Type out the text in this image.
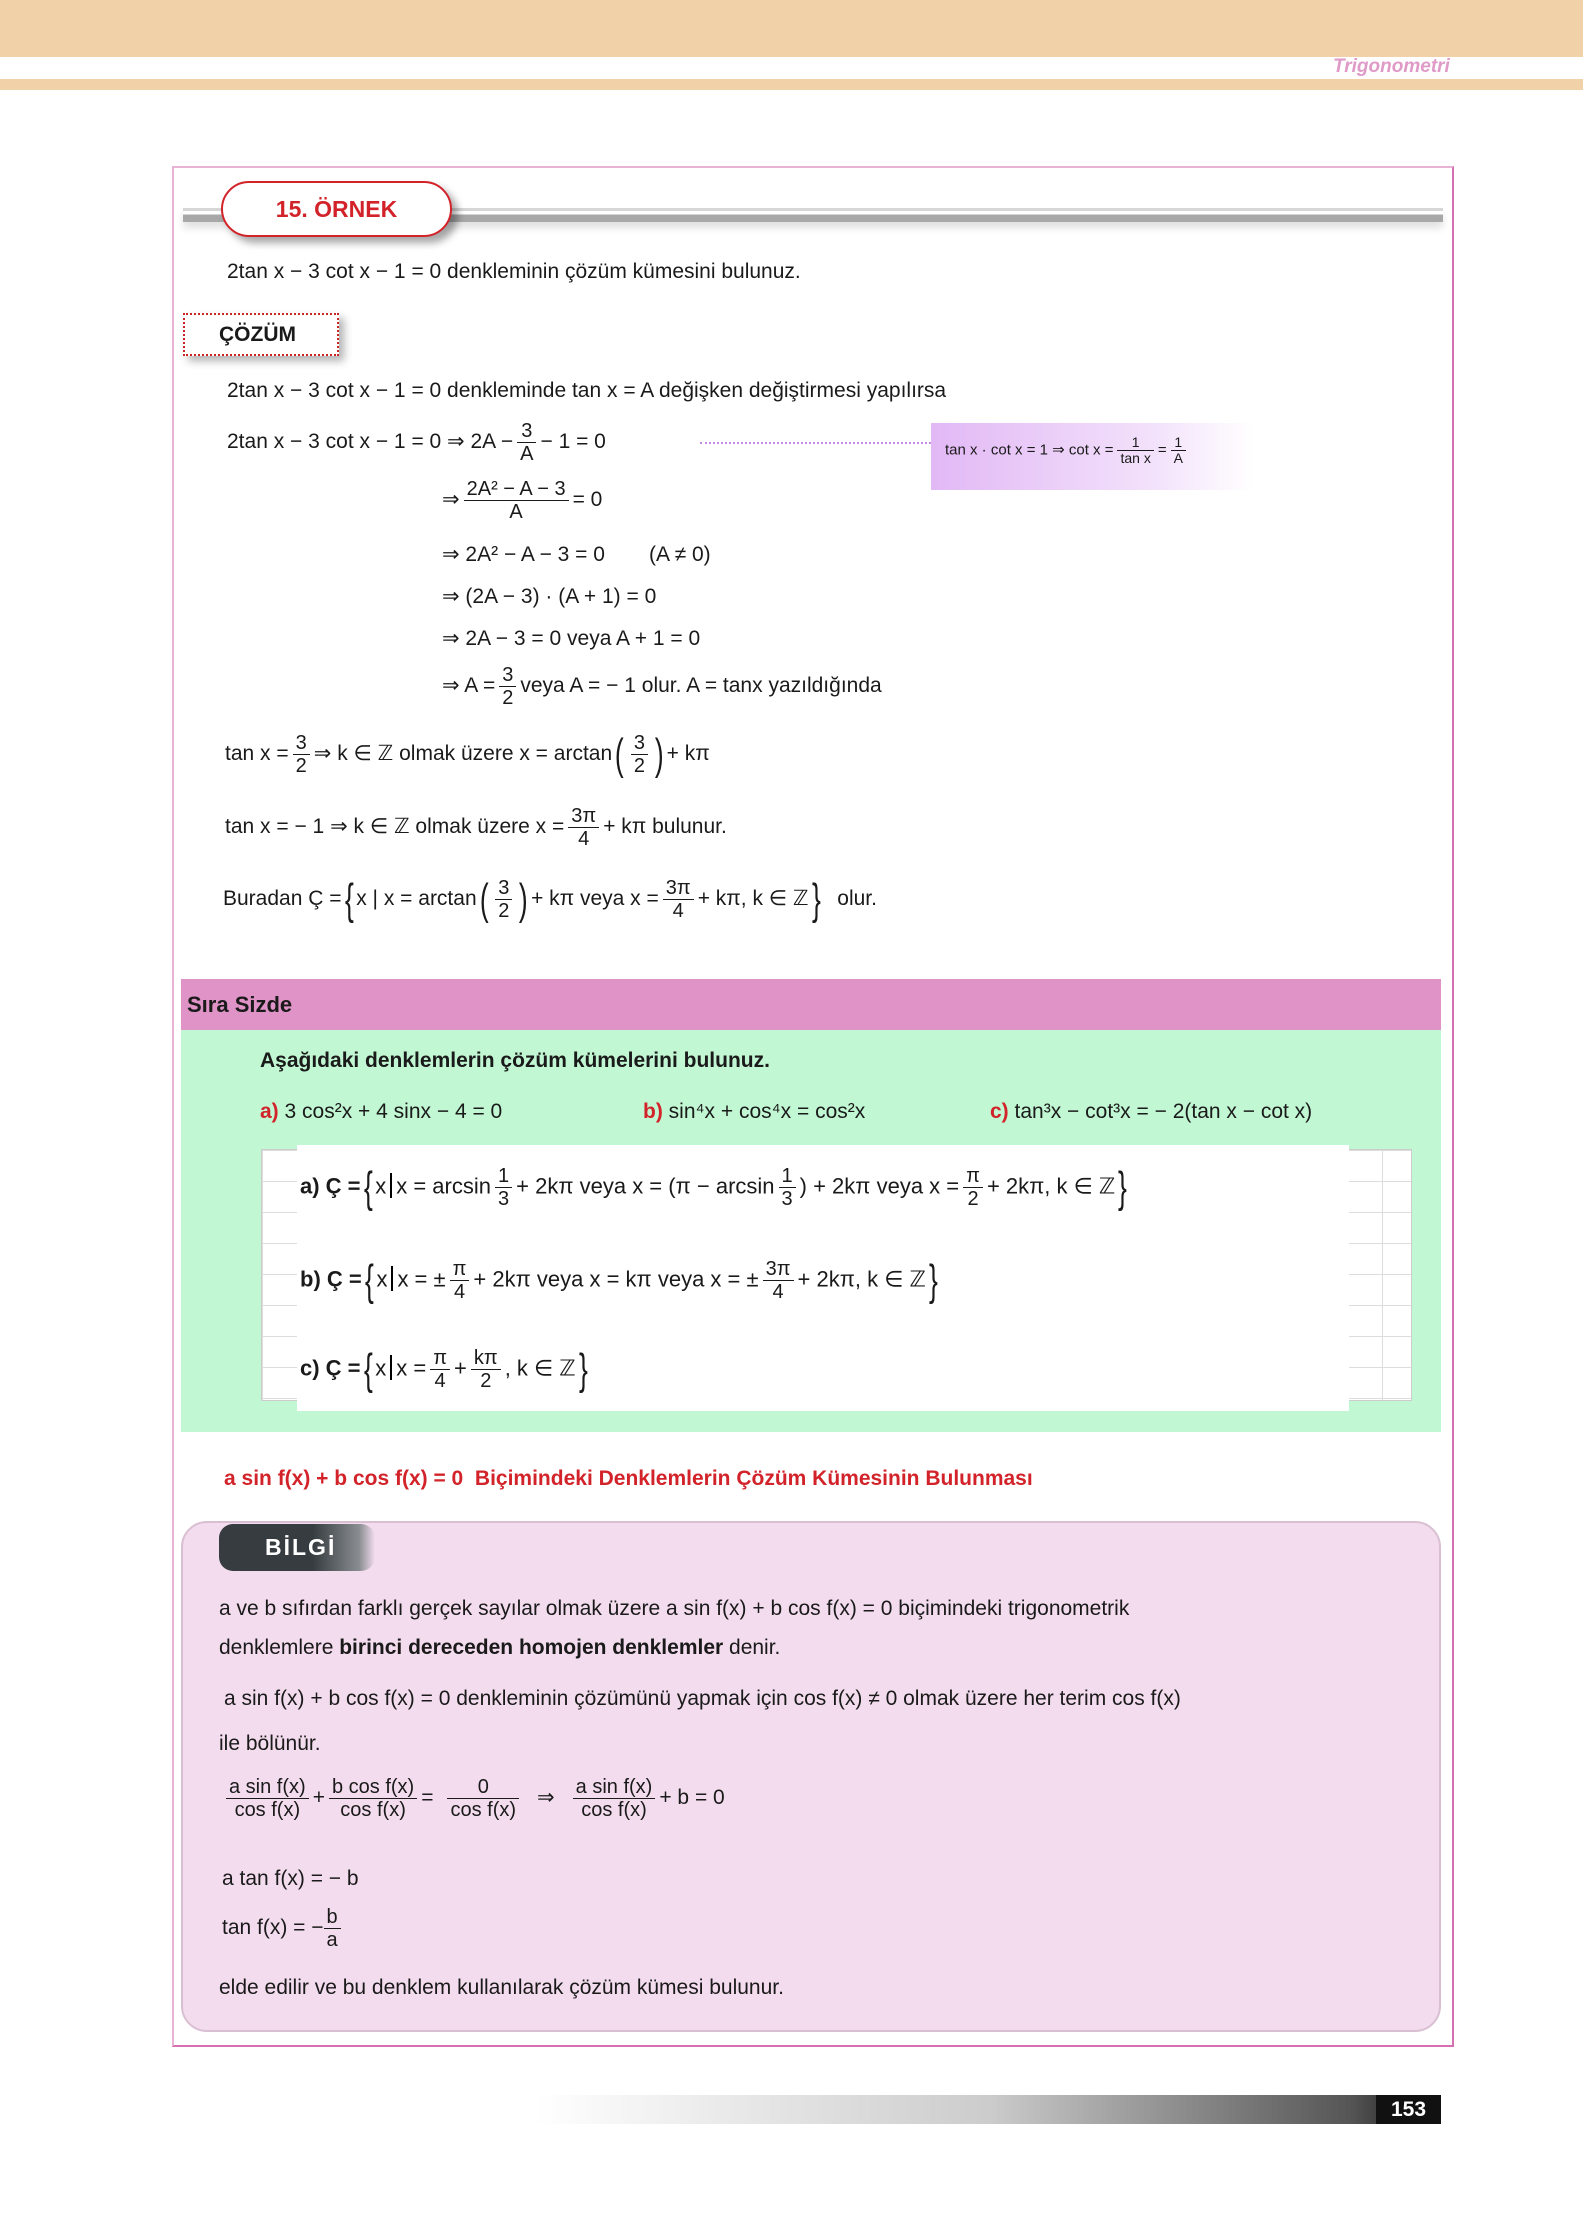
Trigonometri
15. ÖRNEK
2tan x − 3 cot x − 1 = 0 denkleminin çözüm kümesini bulunuz.
ÇÖZÜM
2tan x − 3 cot x − 1 = 0 denkleminde tan x = A değişken değiştirmesi yapılırsa
2tan x − 3 cot x − 1 = 0 ⇒ $2A - \frac{3}{A} - 1 = 0$	tan x · cot x = 1 ⇒ $\cot x = \frac{1}{\text{tan x}} = \frac{1}{A}$
⇒ $\frac{\text{2A² − A − 3}}{A} = 0$
⇒ 2A² − A − 3 = 0 (A ≠ 0)
⇒ (2A − 3) · (A + 1) = 0
⇒ 2A − 3 = 0 veya A + 1 = 0
⇒ $A = \frac{3}{2}$ veya A = − 1 olur. A = tanx yazıldığında
$\tan x = \frac{3}{2}$ ⇒ k ∈ ℤ olmak üzere $x = \arctan( \frac{3}{2}$ ) + kπ
tan x = − 1 ⇒ k ∈ ℤ olmak üzere $x = \frac{3\pi}{4} + k\pi$ bulunur.
Buradan Ç ={ x | $x = \arctan( \frac{3}{2}$ ) + kπ veya $x = \frac{3\pi}{4} + k\pi$, k ∈ ℤ} olur.
Sıra Sizde
Aşağıdaki denklemlerin çözüm kümelerini bulunuz.
a) 3 cos²x + 4 sinx − 4 = 0	b) sin⁴x + cos⁴x = cos²x	c) tan³x − cot³x = − 2(tan x − cot x)
a) Ç ={ x $x = \arcsin \frac{1}{3} + 2k\pi$ veya $x = (\pi - \arcsin \frac{1}{3}$ ) + 2kπ veya $x = \frac{\pi}{2} + 2k\pi$, k ∈ ℤ}
b) Ç ={ x x = ± $\frac{\pi}{4} + 2k\pi$ veya x = kπ veya x = ± $\frac{3\pi}{4} + 2k\pi$, k ∈ ℤ}
c) Ç ={ x $x = \frac{\pi}{4} + \frac{k\pi}{2}$ , k ∈ ℤ}
a sin f(x) + b cos f(x) = 0 Biçimindeki Denklemlerin Çözüm Kümesinin Bulunması
BİLGİ
a ve b sıfırdan farklı gerçek sayılar olmak üzere a sin f(x) + b cos f(x) = 0 biçimindeki trigonometrik
denklemlere birinci dereceden homojen denklemler denir.
a sin f(x) + b cos f(x) = 0 denkleminin çözümünü yapmak için cos f(x) ≠ 0 olmak üzere her terim cos f(x)
ile bölünür.
$\frac{\text{a sin f(x)}}{\text{cos f(x)}} + \frac{\text{b cos f(x)}}{\text{cos f(x)}} = \frac{0}{\text{cos f(x)}}$ ⇒ $\frac{\text{a sin f(x)}}{\text{cos f(x)}} + b = 0$
a tan f(x) = − b
tan f(x) = − $\frac{b}{a}$
elde edilir ve bu denklem kullanılarak çözüm kümesi bulunur.
153
